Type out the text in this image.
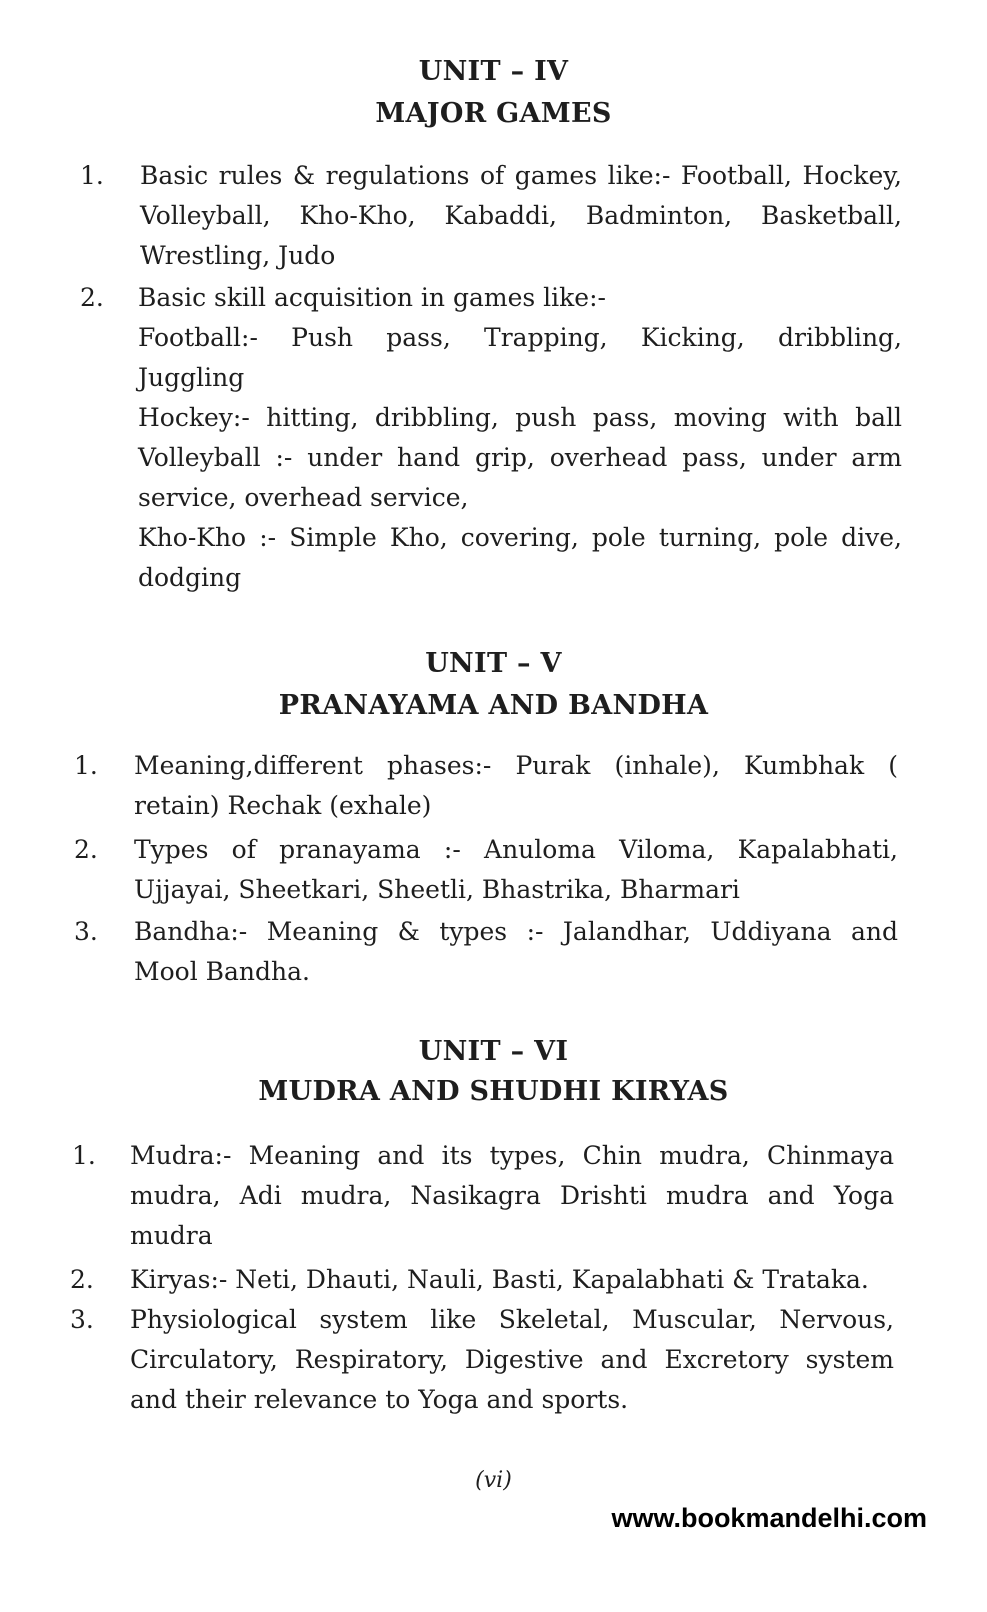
UNIT – IV
MAJOR GAMES
1. Basic rules & regulations of games like:- Football, Hockey,
Volleyball, Kho-Kho, Kabaddi, Badminton, Basketball,
Wrestling, Judo
2. Basic skill acquisition in games like:-
Football:- Push pass, Trapping, Kicking, dribbling,
Juggling
Hockey:- hitting, dribbling, push pass, moving with ball
Volleyball :- under hand grip, overhead pass, under arm
service, overhead service,
Kho-Kho :- Simple Kho, covering, pole turning, pole dive,
dodging
UNIT – V
PRANAYAMA AND BANDHA
1. Meaning,different phases:- Purak (inhale), Kumbhak (
retain) Rechak (exhale)
2. Types of pranayama :- Anuloma Viloma, Kapalabhati,
Ujjayai, Sheetkari, Sheetli, Bhastrika, Bharmari
3. Bandha:- Meaning & types :- Jalandhar, Uddiyana and
Mool Bandha.
UNIT – VI
MUDRA AND SHUDHI KIRYAS
1. Mudra:- Meaning and its types, Chin mudra, Chinmaya
mudra, Adi mudra, Nasikagra Drishti mudra and Yoga
mudra
2. Kiryas:- Neti, Dhauti, Nauli, Basti, Kapalabhati & Trataka.
3. Physiological system like Skeletal, Muscular, Nervous,
Circulatory, Respiratory, Digestive and Excretory system
and their relevance to Yoga and sports.
(vi)
www.bookmandelhi.com
